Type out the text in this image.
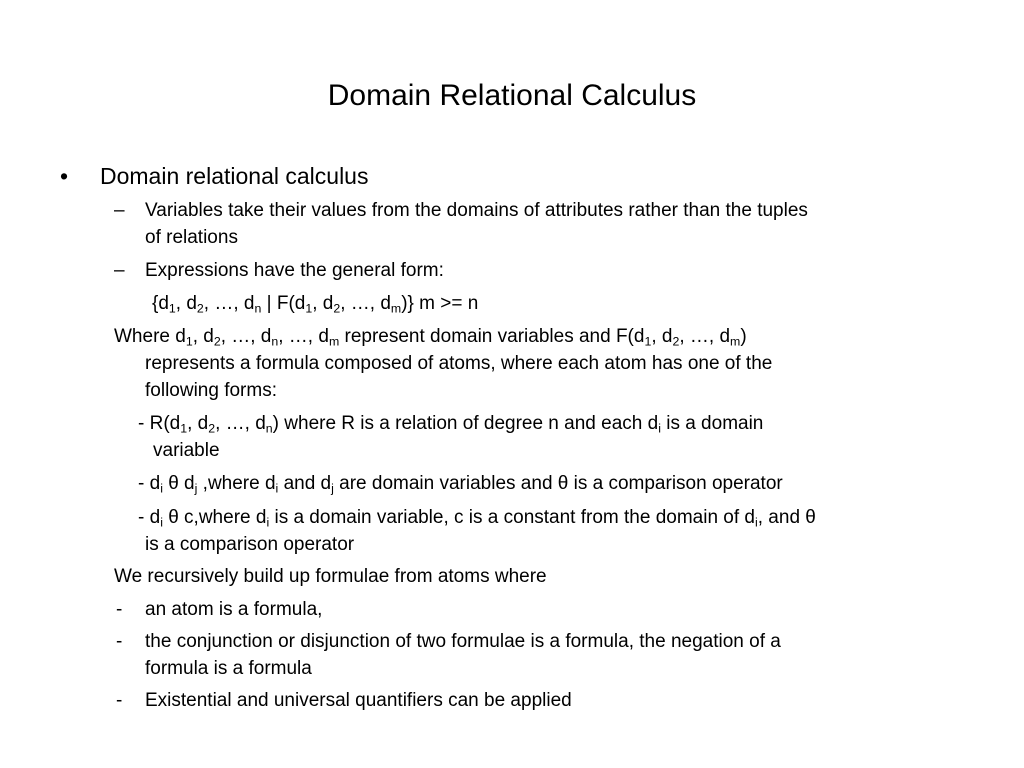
Domain Relational Calculus
• Domain relational calculus
– Variables take their values from the domains of attributes rather than the tuples
of relations
– Expressions have the general form:
{$d_1$, $d_2$, …, $d_n$ | $F(d_1$, $d_2$, …, $d_m$)} m >= n
Where $d_1$, $d_2$, …, $d_n$, …, $d_m$ represent domain variables and $F(d_1$, $d_2$, …, $d_m$)
represents a formula composed of atoms, where each atom has one of the
following forms:
- $R(d_1$, $d_2$, …, $d_n$) where R is a relation of degree n and each $d_i$ is a domain
variable
- $d_i$ θ $d_j$ ,where $d_i$ and $d_j$ are domain variables and θ is a comparison operator
- $d_i$ θ c,where $d_i$ is a domain variable, c is a constant from the domain of $d_i$, and θ
is a comparison operator
We recursively build up formulae from atoms where
- an atom is a formula,
- the conjunction or disjunction of two formulae is a formula, the negation of a
formula is a formula
- Existential and universal quantifiers can be applied
